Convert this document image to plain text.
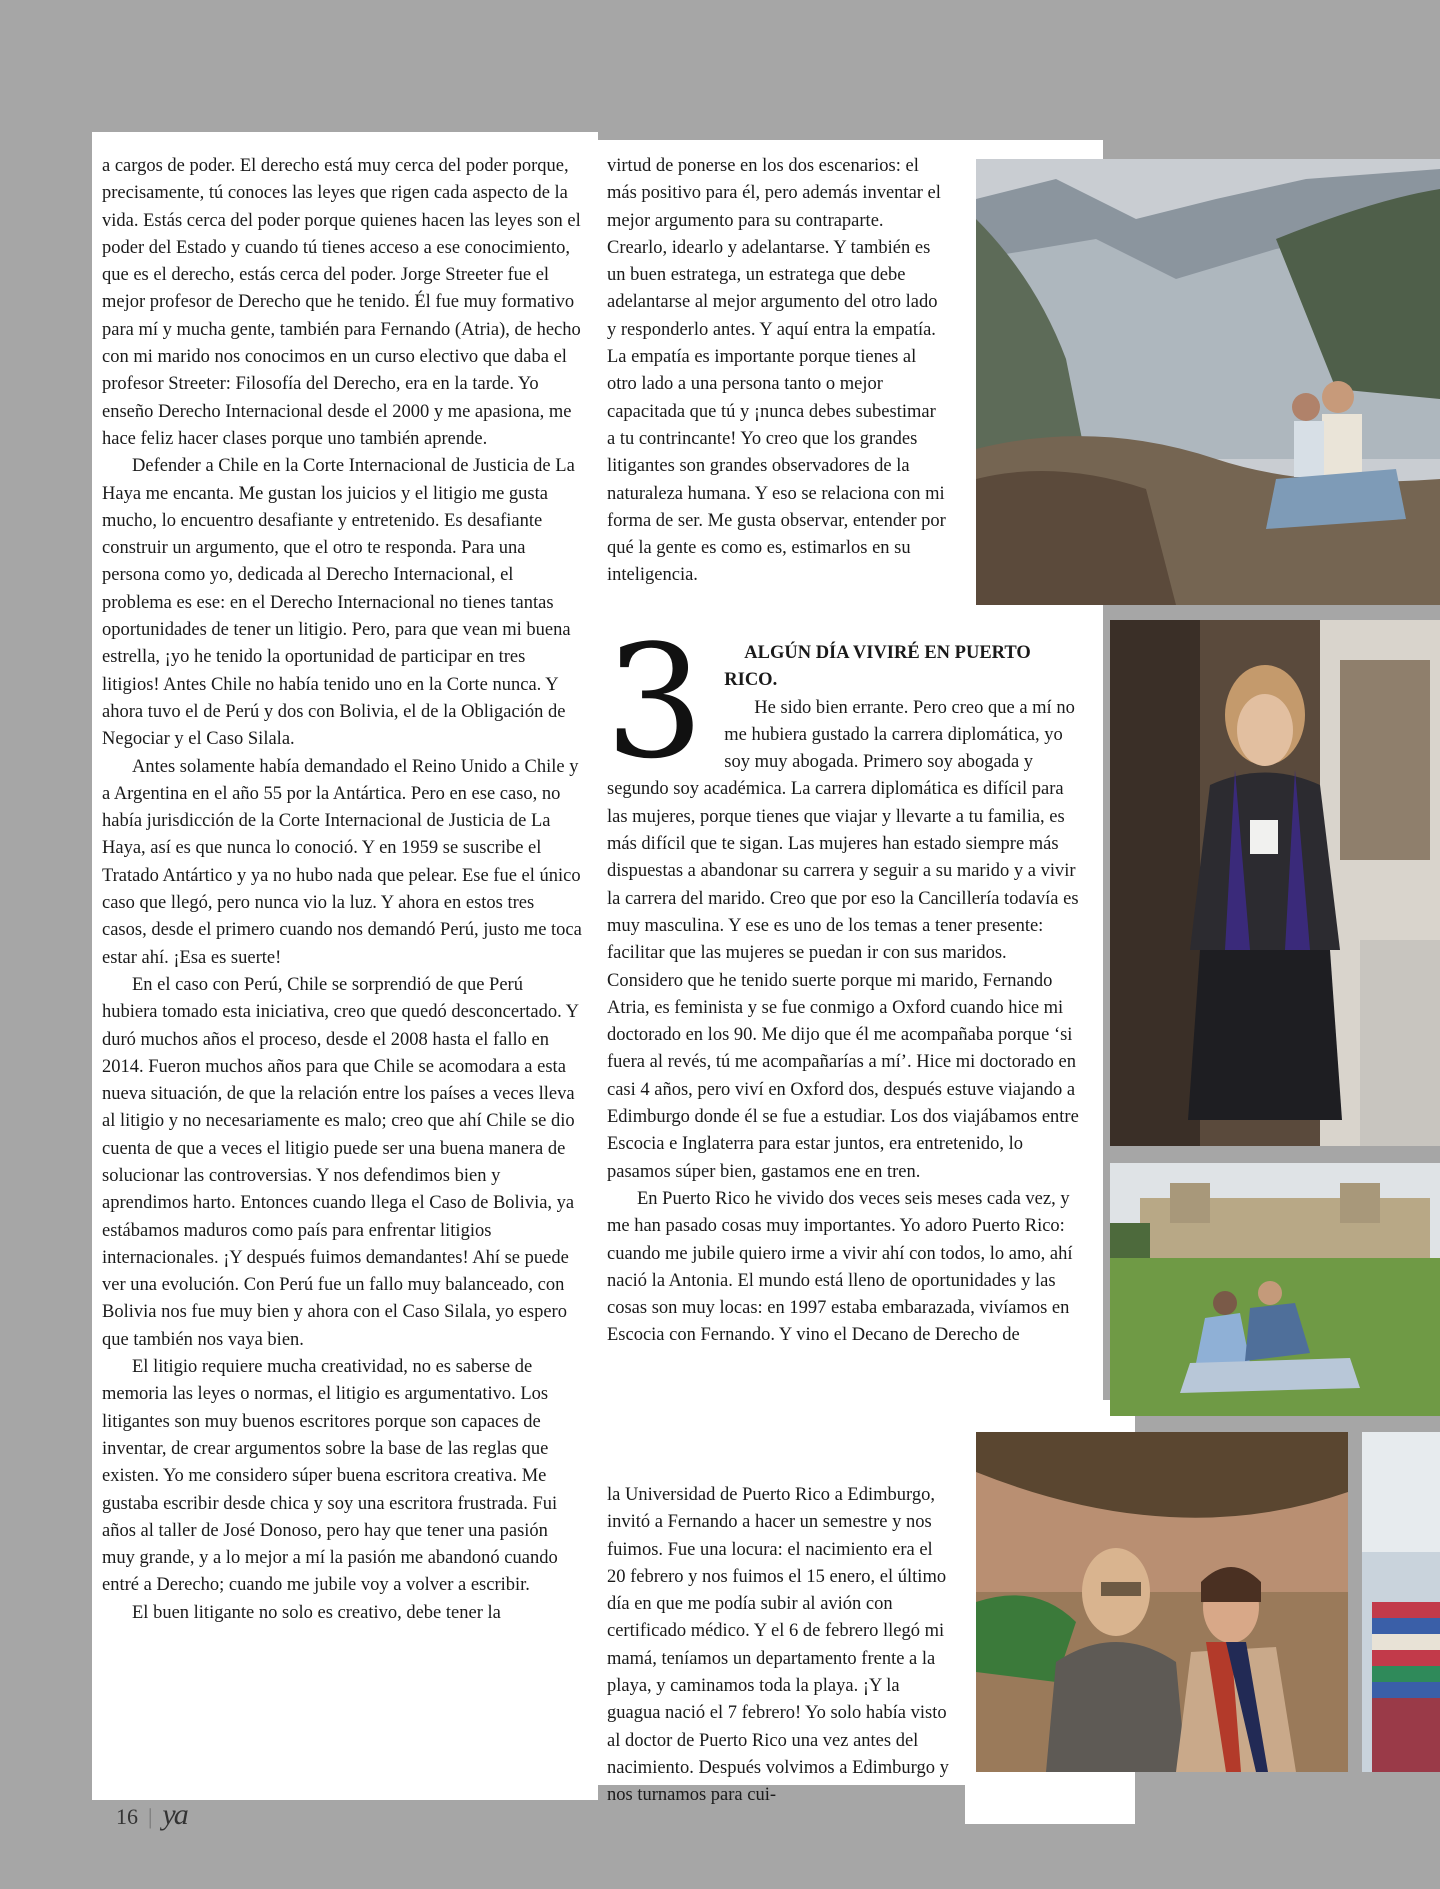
a cargos de poder. El derecho está muy cerca del poder porque, precisamente, tú conoces las leyes que rigen cada aspecto de la vida. Estás cerca del poder porque quienes hacen las leyes son el poder del Estado y cuando tú tienes acceso a ese conocimiento, que es el derecho, estás cerca del poder. Jorge Streeter fue el mejor profesor de Derecho que he tenido. Él fue muy formativo para mí y mucha gente, también para Fernando (Atria), de hecho con mi marido nos conocimos en un curso electivo que daba el profesor Streeter: Filosofía del Derecho, era en la tarde. Yo enseño Derecho Internacional desde el 2000 y me apasiona, me hace feliz hacer clases porque uno también aprende.

Defender a Chile en la Corte Internacional de Justicia de La Haya me encanta. Me gustan los juicios y el litigio me gusta mucho, lo encuentro desafiante y entretenido. Es desafiante construir un argumento, que el otro te responda. Para una persona como yo, dedicada al Derecho Internacional, el problema es ese: en el Derecho Internacional no tienes tantas oportunidades de tener un litigio. Pero, para que vean mi buena estrella, ¡yo he tenido la oportunidad de participar en tres litigios! Antes Chile no había tenido uno en la Corte nunca. Y ahora tuvo el de Perú y dos con Bolivia, el de la Obligación de Negociar y el Caso Silala.

Antes solamente había demandado el Reino Unido a Chile y a Argentina en el año 55 por la Antártica. Pero en ese caso, no había jurisdicción de la Corte Internacional de Justicia de La Haya, así es que nunca lo conoció. Y en 1959 se suscribe el Tratado Antártico y ya no hubo nada que pelear. Ese fue el único caso que llegó, pero nunca vio la luz. Y ahora en estos tres casos, desde el primero cuando nos demandó Perú, justo me toca estar ahí. ¡Esa es suerte!

En el caso con Perú, Chile se sorprendió de que Perú hubiera tomado esta iniciativa, creo que quedó desconcertado. Y duró muchos años el proceso, desde el 2008 hasta el fallo en 2014. Fueron muchos años para que Chile se acomodara a esta nueva situación, de que la relación entre los países a veces lleva al litigio y no necesariamente es malo; creo que ahí Chile se dio cuenta de que a veces el litigio puede ser una buena manera de solucionar las controversias. Y nos defendimos bien y aprendimos harto. Entonces cuando llega el Caso de Bolivia, ya estábamos maduros como país para enfrentar litigios internacionales. ¡Y después fuimos demandantes! Ahí se puede ver una evolución. Con Perú fue un fallo muy balanceado, con Bolivia nos fue muy bien y ahora con el Caso Silala, yo espero que también nos vaya bien.

El litigio requiere mucha creatividad, no es saberse de memoria las leyes o normas, el litigio es argumentativo. Los litigantes son muy buenos escritores porque son capaces de inventar, de crear argumentos sobre la base de las reglas que existen. Yo me considero súper buena escritora creativa. Me gustaba escribir desde chica y soy una escritora frustrada. Fui años al taller de José Donoso, pero hay que tener una pasión muy grande, y a lo mejor a mí la pasión me abandonó cuando entré a Derecho; cuando me jubile voy a volver a escribir.

El buen litigante no solo es creativo, debe tener la

virtud de ponerse en los dos escenarios: el más positivo para él, pero además inventar el mejor argumento para su contraparte. Crearlo, idearlo y adelantarse. Y también es un buen estratega, un estratega que debe adelantarse al mejor argumento del otro lado y responderlo antes. Y aquí entra la empatía. La empatía es importante porque tienes al otro lado a una persona tanto o mejor capacitada que tú y ¡nunca debes subestimar a tu contrincante! Yo creo que los grandes litigantes son grandes observadores de la naturaleza humana. Y eso se relaciona con mi forma de ser. Me gusta observar, entender por qué la gente es como es, estimarlos en su inteligencia.

3	ALGÚN DÍA VIVIRÉ EN PUERTO RICO.

He sido bien errante. Pero creo que a mí no me hubiera gustado la carrera diplomática, yo soy muy abogada. Primero soy abogada y segundo soy académica. La carrera diplomática es difícil para las mujeres, porque tienes que viajar y llevarte a tu familia, es más difícil que te sigan. Las mujeres han estado siempre más dispuestas a abandonar su carrera y seguir a su marido y a vivir la carrera del marido. Creo que por eso la Cancillería todavía es muy masculina. Y ese es uno de los temas a tener presente: facilitar que las mujeres se puedan ir con sus maridos. Considero que he tenido suerte porque mi marido, Fernando Atria, es feminista y se fue conmigo a Oxford cuando hice mi doctorado en los 90. Me dijo que él me acompañaba porque ‘si fuera al revés, tú me acompañarías a mí’. Hice mi doctorado en casi 4 años, pero viví en Oxford dos, después estuve viajando a Edimburgo donde él se fue a estudiar. Los dos viajábamos entre Escocia e Inglaterra para estar juntos, era entretenido, lo pasamos súper bien, gastamos ene en tren.

En Puerto Rico he vivido dos veces seis meses cada vez, y me han pasado cosas muy importantes. Yo adoro Puerto Rico: cuando me jubile quiero irme a vivir ahí con todos, lo amo, ahí nació la Antonia. El mundo está lleno de oportunidades y las cosas son muy locas: en 1997 estaba embarazada, vivíamos en Escocia con Fernando. Y vino el Decano de Derecho de

la Universidad de Puerto Rico a Edimburgo, invitó a Fernando a hacer un semestre y nos fuimos. Fue una locura: el nacimiento era el 20 febrero y nos fuimos el 15 enero, el último día en que me podía subir al avión con certificado médico. Y el 6 de febrero llegó mi mamá, teníamos un departamento frente a la playa, y caminamos toda la playa. ¡Y la guagua nació el 7 febrero! Yo solo había visto al doctor de Puerto Rico una vez antes del nacimiento. Después volvimos a Edimburgo y nos turnamos para cui-

16 | ya
